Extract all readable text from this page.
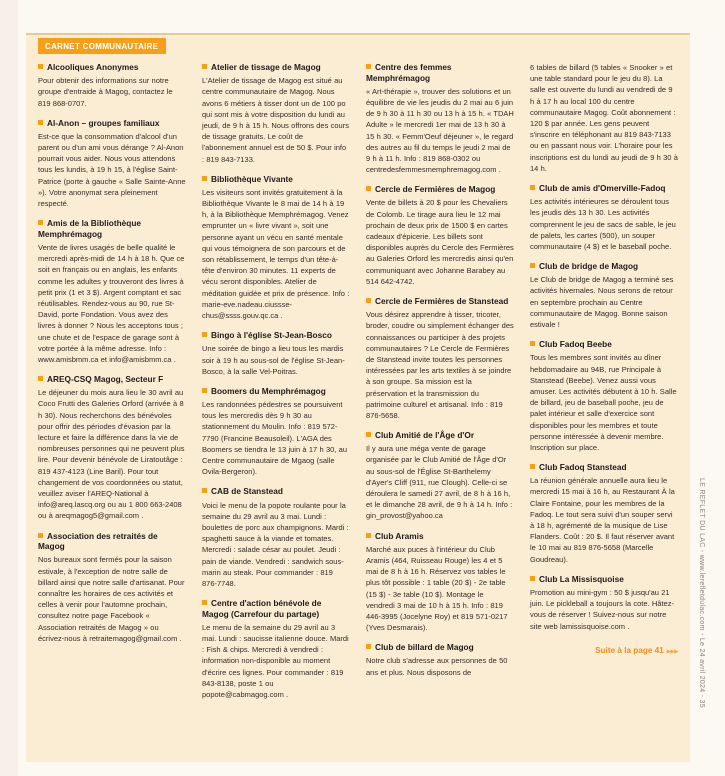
CARNET COMMUNAUTAIRE
Alcooliques Anonymes

Pour obtenir des informations sur notre groupe d'entraide à Magog, contactez le 819 868-0707.

Al-Anon – groupes familiaux

Est-ce que la consommation d'alcool d'un parent ou d'un ami vous dérange ? Al-Anon pourrait vous aider. Nous vous attendons tous les lundis, à 19 h 15, à l'église Saint-Patrice (porte à gauche « Salle Sainte-Anne »). Votre anonymat sera pleinement respecté.

Amis de la Bibliothèque Memphrémagog

Vente de livres usagés de belle qualité le mercredi après-midi de 14 h à 18 h. Que ce soit en français ou en anglais, les enfants comme les adultes y trouveront des livres à petit prix (1 et 3 $). Argent comptant et sac réutilisables. Rendez-vous au 90, rue St-David, porte Fondation. Vous avez des livres à donner ? Nous les acceptons tous ; une chute et de l'espace de garage sont à votre portée à la même adresse. Info : www.amisbmm.ca et info@amisbmm.ca .

AREQ-CSQ Magog, Secteur F

Le déjeuner du mois aura lieu le 30 avril au Coco Frutti des Galeries Orford (arrivée à 8 h 30). Nous recherchons des bénévoles pour offrir des périodes d'évasion par la lecture et faire la différence dans la vie de nombreuses personnes qui ne peuvent plus lire. Pour devenir bénévole de Liratoutâge : 819 437-4123 (Line Baril). Pour tout changement de vos coordonnées ou statut, veuillez aviser l'AREQ-National à info@areq.lascq.org ou au 1 800 663-2408 ou à areqmagog5@gmail.com .

Association des retraités de Magog

Nos bureaux sont fermés pour la saison estivale, à l'exception de notre salle de billard ainsi que notre salle d'artisanat. Pour connaître les horaires de ces activités et celles à venir pour l'automne prochain, consultez notre page Facebook « Association retraités de Magog » ou écrivez-nous à retraitemagog@gmail.com .

Atelier de tissage de Magog

L'Atelier de tissage de Magog est situé au centre communautaire de Magog. Nous avons 6 métiers à tisser dont un de 100 po qui sont mis à votre disposition du lundi au jeudi, de 9 h à 15 h. Nous offrons des cours de tissage gratuits. Le coût de l'abonnement annuel est de 50 $. Pour info : 819 843-7133.

Bibliothèque Vivante

Les visiteurs sont invités gratuitement à la Bibliothèque Vivante le 8 mai de 14 h à 19 h, à la Bibliothèque Memphrémagog. Venez emprunter un « livre vivant », soit une personne ayant un vécu en santé mentale qui vous témoignera de son parcours et de son rétablissement, le temps d'un tête-à-tête d'environ 30 minutes. 11 experts de vécu seront disponibles. Atelier de méditation guidée et prix de présence. Info : marie-eve.nadeau.ciussse-chus@ssss.gouv.qc.ca .

Bingo à l'église St-Jean-Bosco

Une soirée de bingo a lieu tous les mardis soir à 19 h au sous-sol de l'église St-Jean-Bosco, à la salle Vel-Poitras.

Boomers du Memphrémagog

Les randonnées pédestres se poursuivent tous les mercredis dès 9 h 30 au stationnement du Moulin. Info : 819 572-7790 (Francine Beausoleil). L'AGA des Boomers se tiendra le 13 juin à 17 h 30, au Centre communautaire de Mgaog (salle Ovila-Bergeron).

CAB de Stanstead

Voici le menu de la popote roulante pour la semaine du 29 avril au 3 mai. Lundi : boulettes de porc aux champignons. Mardi : spaghetti sauce à la viande et tomates. Mercredi : salade césar au poulet. Jeudi : pain de viande. Vendredi : sandwich sous-marin au steak. Pour commander : 819 876-7748.

Centre d'action bénévole de Magog (Carrefour du partage)

Le menu de la semaine du 29 avril au 3 mai. Lundi : saucisse italienne douce. Mardi : Fish & chips. Mercredi à vendredi : information non-disponible au moment d'écrire ces lignes. Pour commander : 819 843-8138, poste 1 ou popote@cabmagog.com .

Centre des femmes Memphrémagog

« Art-thérapie », trouver des solutions et un équilibre de vie les jeudis du 2 mai au 6 juin de 9 h 30 à 11 h 30 ou 13 h à 15 h. « TDAH Adulte » le mercredi 1er mai de 13 h 30 à 15 h 30. « Femm'Oeuf déjeuner », le regard des autres au fil du temps le jeudi 2 mai de 9 h à 11 h. Info : 819 868-0302 ou centredesfemmesmemphremagog.com .

Cercle de Fermières de Magog

Vente de billets à 20 $ pour les Chevaliers de Colomb. Le tirage aura lieu le 12 mai prochain de deux prix de 1500 $ en cartes cadeaux d'épicerie. Les billets sont disponibles auprès du Cercle des Fermières au Galeries Orford les mercredis ainsi qu'en communiquant avec Johanne Barabey au 514 642-4742.

Cercle de Fermières de Stanstead

Vous désirez apprendre à tisser, tricoter, broder, coudre ou simplement échanger des connaissances ou participer à des projets communautaires ? Le Cercle de Fermières de Stanstead invite toutes les personnes intéressées par les arts textiles à se joindre à son groupe. Sa mission est la préservation et la transmission du patrimoine culturel et artisanal. Info : 819 876-5658.

Club Amitié de l'Âge d'Or

Il y aura une méga vente de garage organisée par le Club Amitié de l'Âge d'Or au sous-sol de l'Église St-Barthelemy d'Ayer's Cliff (911, rue Clough). Celle-ci se déroulera le samedi 27 avril, de 8 h à 16 h, et le dimanche 28 avril, de 9 h à 14 h. Info : gin_provost@yahoo.ca

Club Aramis

Marché aux puces à l'intérieur du Club Aramis (464, Ruisseau Rouge) les 4 et 5 mai de 8 h à 16 h. Réservez vos tables le plus tôt possible : 1 table (20 $) - 2e table (15 $) - 3e table (10 $). Montage le vendredi 3 mai de 10 h à 15 h. Info : 819 446-3995 (Jocelyne Roy) et 819 571-0217 (Yves Desmarais).

Club de billard de Magog

Notre club s'adresse aux personnes de 50 ans et plus. Nous disposons de

6 tables de billard (5 tables « Snooker » et une table standard pour le jeu du 8). La salle est ouverte du lundi au vendredi de 9 h à 17 h au local 100 du centre communautaire Magog. Coût abonnement : 120 $ par année. Les gens peuvent s'inscrire en téléphonant au 819 843-7133 ou en passant nous voir. L'horaire pour les inscriptions est du lundi au jeudi de 9 h 30 à 14 h.

Club de amis d'Omerville-Fadoq

Les activités intérieures se déroulent tous les jeudis dès 13 h 30. Les activités comprennent le jeu de sacs de sable, le jeu de palets, les cartes (500), un souper communautaire (4 $) et le baseball poche.

Club de bridge de Magog

Le Club de bridge de Magog a terminé ses activités hivernales. Nous serons de retour en septembre prochain au Centre communautaire de Magog. Bonne saison estivale !

Club Fadoq Beebe

Tous les membres sont invités au dîner hebdomadaire au 94B, rue Principale à Stanstead (Beebe). Venez aussi vous amuser. Les activités débutent à 10 h. Salle de billard, jeu de baseball poche, jeu de palet intérieur et salle d'exercice sont disponibles pour les membres et toute personne intéressée à devenir membre. Inscription sur place.

Club Fadoq Stanstead

La réunion générale annuelle aura lieu le mercredi 15 mai à 16 h, au Restaurant À la Claire Fontaine, pour les membres de la Fadoq. Le tout sera suivi d'un souper servi à 18 h, agrémenté de la musique de Lise Flanders. Coût : 20 $. Il faut réserver avant le 10 mai au 819 876-5658 (Marcelle Goudreau).

Club La Missisquoise

Promotion au mini-gym : 50 $ jusqu'au 21 juin. Le pickleball a toujours la cote. Hâtez-vous de réserver ! Suivez-nous sur notre site web lamissisquoise.com .

Suite à la page 41 ▶▶▶	LE REFLET DU LAC - www.lerefletdulac.com - Le 24 avril 2024 - 35
